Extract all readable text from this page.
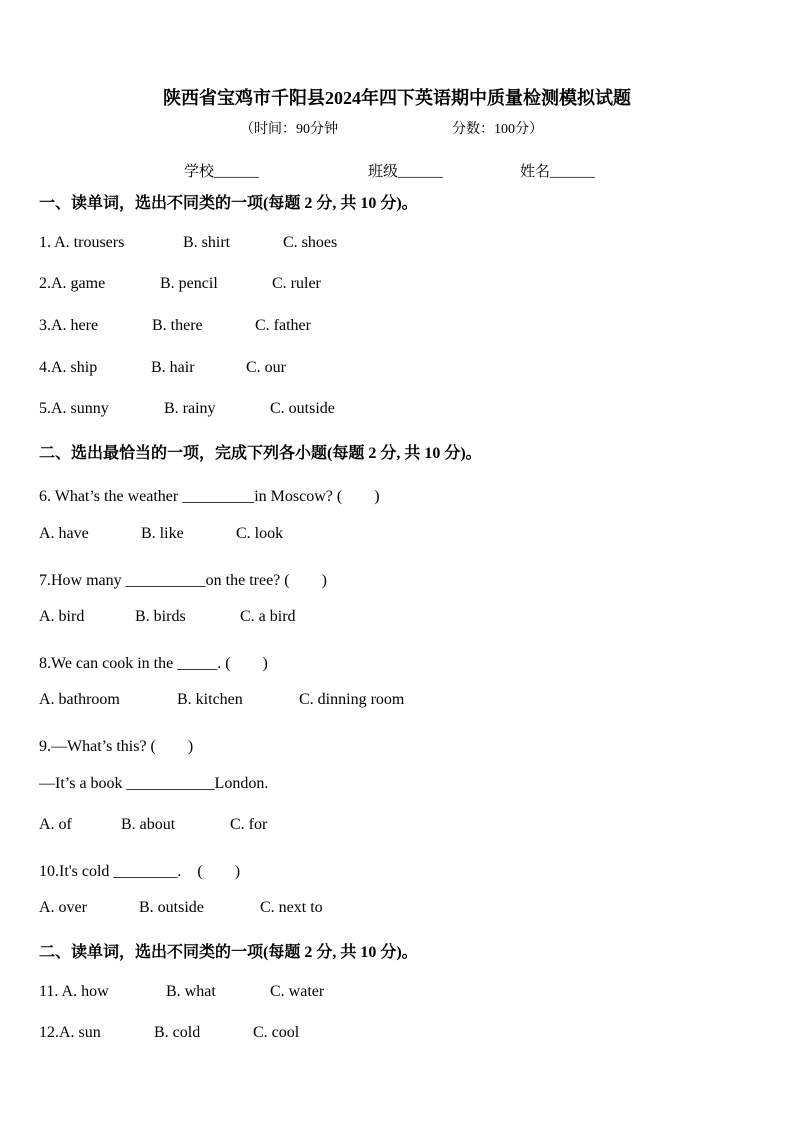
陕西省宝鸡市千阳县2024年四下英语期中质量检测模拟试题
（时间：90分钟	分数：100分）
学校______	班级______	姓名______
一、读单词，选出不同类的一项(每题 2 分, 共 10 分)。
1. A. trousers	B. shirt	C. shoes
2.A. game	B. pencil	C. ruler
3.A. here	B. there	C. father
4.A. ship	B. hair	C. our
5.A. sunny	B. rainy	C. outside
二、选出最恰当的一项，完成下列各小题(每题 2 分, 共 10 分)。
6. What’s the weather _________in Moscow? (　　)
A. have	B. like	C. look
7.How many __________on the tree? (　　)
A. bird	B. birds	C. a bird
8.We can cook in the _____. (　　)
A. bathroom	B. kitchen	C. dinning room
9.—What’s this? (　　)
—It’s a book ___________London.
A. of	B. about	C. for
10.It's cold ________.　(　　)
A. over	B. outside	C. next to
二、读单词，选出不同类的一项(每题 2 分, 共 10 分)。
11. A. how	B. what	C. water
12.A. sun	B. cold	C. cool
